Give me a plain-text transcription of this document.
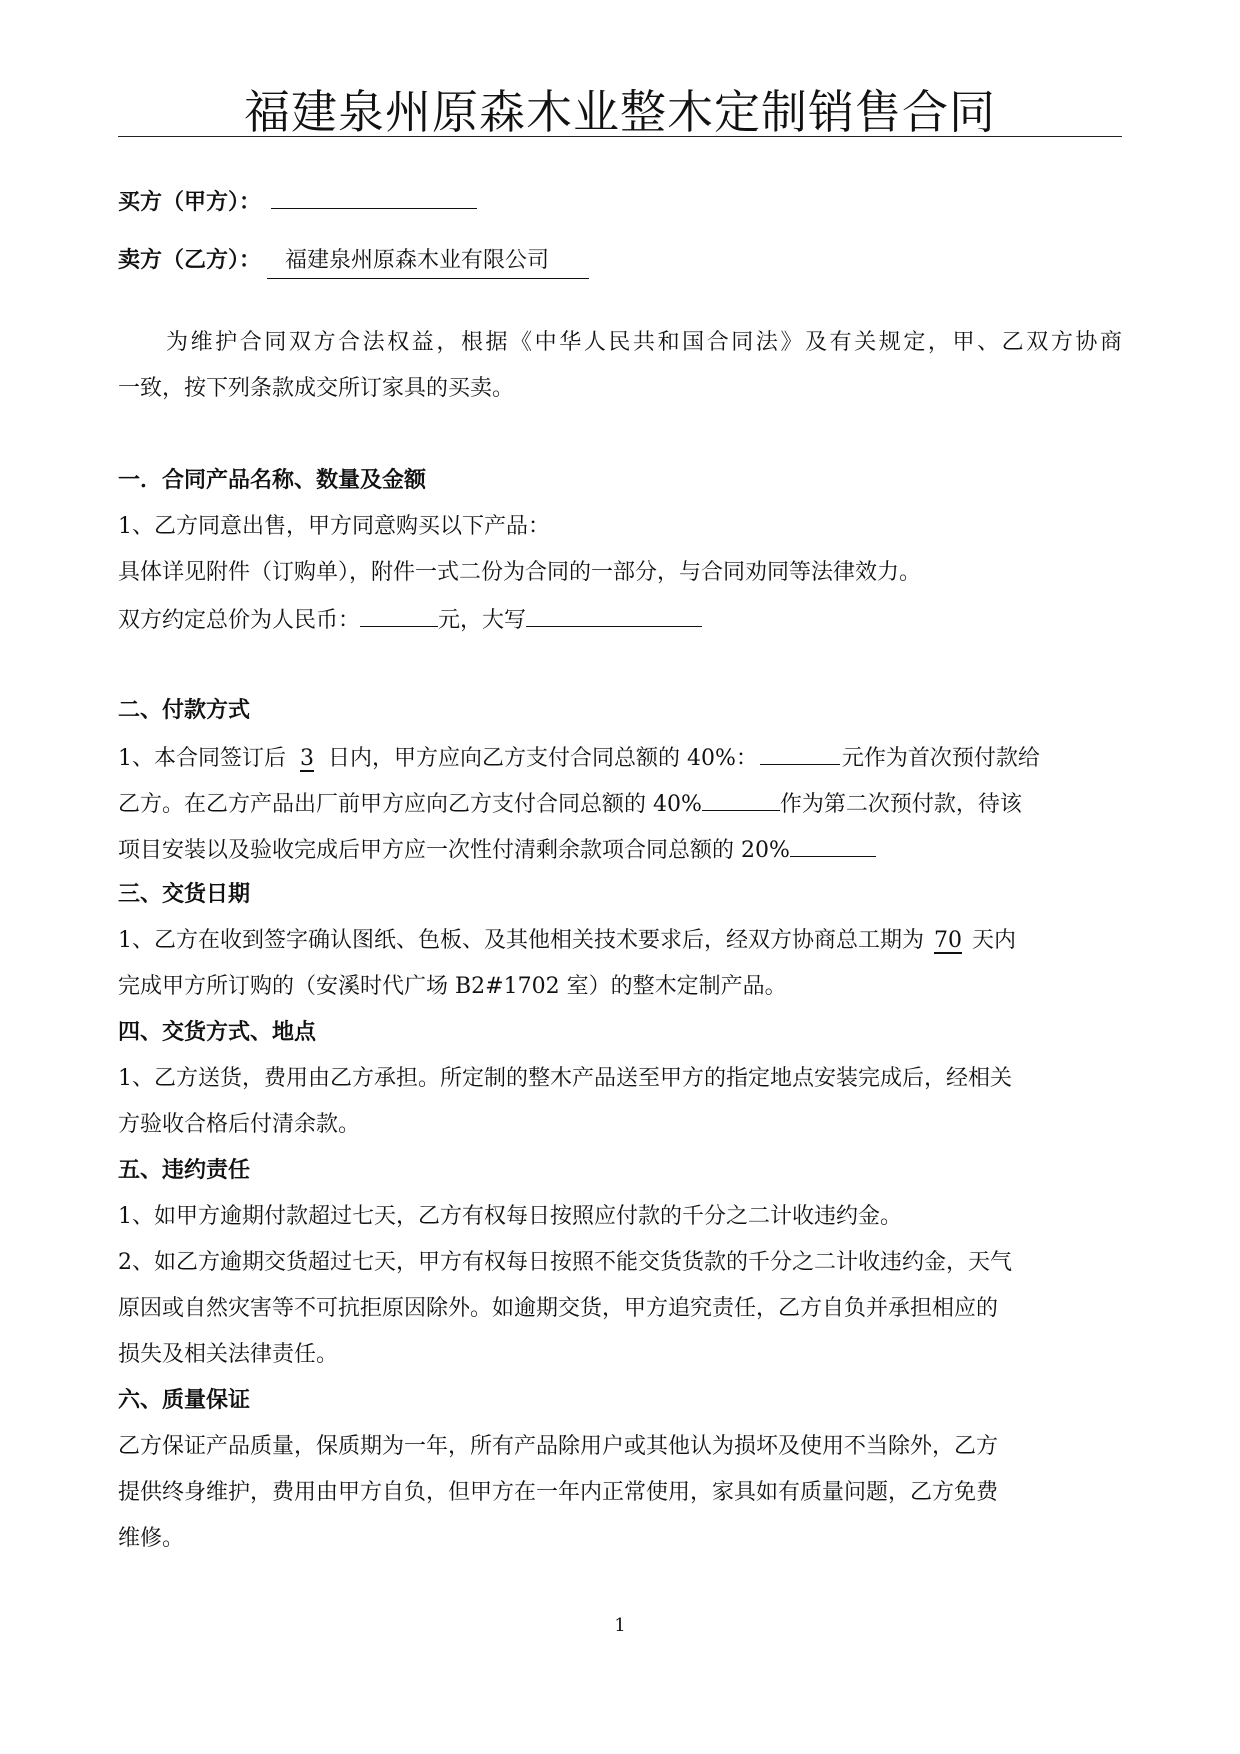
福建泉州原森木业整木定制销售合同
买方（甲方）：
卖方（乙方）： 福建泉州原森木业有限公司
为维护合同双方合法权益，根据《中华人民共和国合同法》及有关规定，甲、乙双方协商
一致，按下列条款成交所订家具的买卖。
一．合同产品名称、数量及金额
1、乙方同意出售，甲方同意购买以下产品：
具体详见附件（订购单），附件一式二份为合同的一部分，与合同劝同等法律效力。
双方约定总价为人民币：	元，大写
二、付款方式
1、本合同签订后 3 日内，甲方应向乙方支付合同总额的 40%：	元作为首次预付款给
乙方。在乙方产品出厂前甲方应向乙方支付合同总额的 40%	作为第二次预付款，待该
项目安装以及验收完成后甲方应一次性付清剩余款项合同总额的 20%
三、交货日期
1、乙方在收到签字确认图纸、色板、及其他相关技术要求后，经双方协商总工期为 70 天内
完成甲方所订购的（安溪时代广场 B2#1702 室）的整木定制产品。
四、交货方式、地点
1、乙方送货，费用由乙方承担。所定制的整木产品送至甲方的指定地点安装完成后，经相关
方验收合格后付清余款。
五、违约责任
1、如甲方逾期付款超过七天，乙方有权每日按照应付款的千分之二计收违约金。
2、如乙方逾期交货超过七天，甲方有权每日按照不能交货货款的千分之二计收违约金，天气
原因或自然灾害等不可抗拒原因除外。如逾期交货，甲方追究责任，乙方自负并承担相应的
损失及相关法律责任。
六、质量保证
乙方保证产品质量，保质期为一年，所有产品除用户或其他认为损坏及使用不当除外，乙方
提供终身维护，费用由甲方自负，但甲方在一年内正常使用，家具如有质量问题，乙方免费
维修。
1
